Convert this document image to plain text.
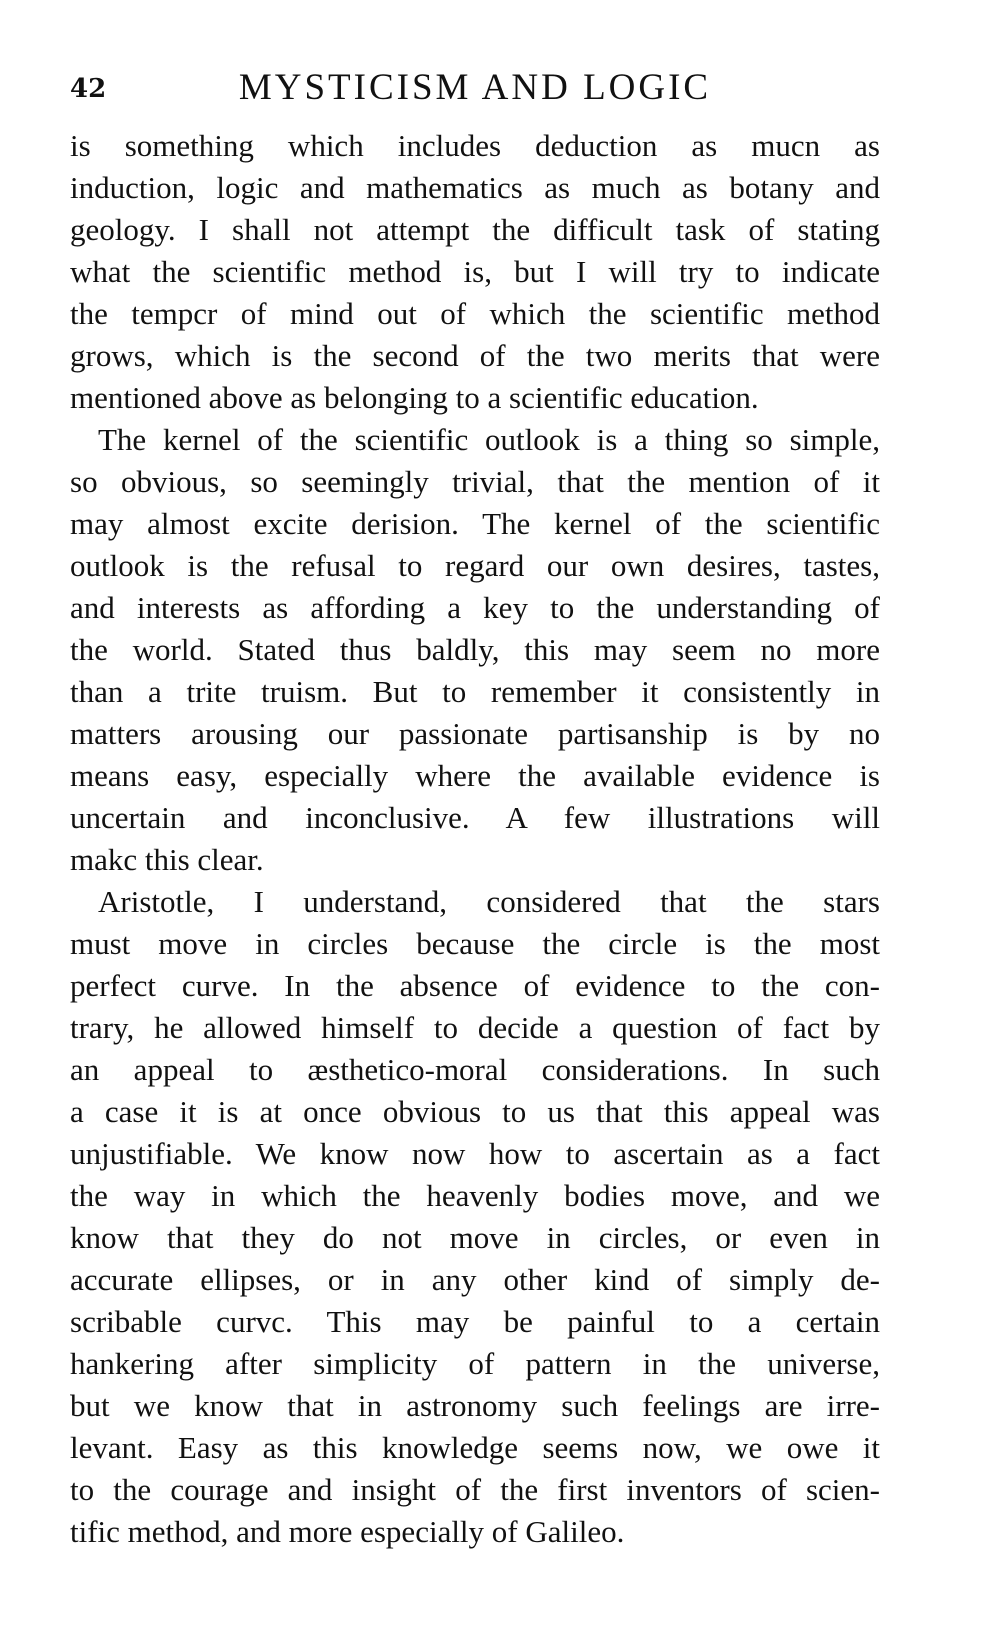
42	MYSTICISM AND LOGIC
is something which includes deduction as mucn as
induction, logic and mathematics as much as botany and
geology. I shall not attempt the difficult task of stating
what the scientific method is, but I will try to indicate
the tempcr of mind out of which the scientific method
grows, which is the second of the two merits that were
mentioned above as belonging to a scientific education.
The kernel of the scientific outlook is a thing so simple,
so obvious, so seemingly trivial, that the mention of it
may almost excite derision. The kernel of the scientific
outlook is the refusal to regard our own desires, tastes,
and interests as affording a key to the understanding of
the world. Stated thus baldly, this may seem no more
than a trite truism. But to remember it consistently in
matters arousing our passionate partisanship is by no
means easy, especially where the available evidence is
uncertain and inconclusive. A few illustrations will
makc this clear.
Aristotle, I understand, considered that the stars
must move in circles because the circle is the most
perfect curve. In the absence of evidence to the con-
trary, he allowed himself to decide a question of fact by
an appeal to æsthetico-moral considerations. In such
a case it is at once obvious to us that this appeal was
unjustifiable. We know now how to ascertain as a fact
the way in which the heavenly bodies move, and we
know that they do not move in circles, or even in
accurate ellipses, or in any other kind of simply de-
scribable curvc. This may be painful to a certain
hankering after simplicity of pattern in the universe,
but we know that in astronomy such feelings are irre-
levant. Easy as this knowledge seems now, we owe it
to the courage and insight of the first inventors of scien-
tific method, and more especially of Galileo.
